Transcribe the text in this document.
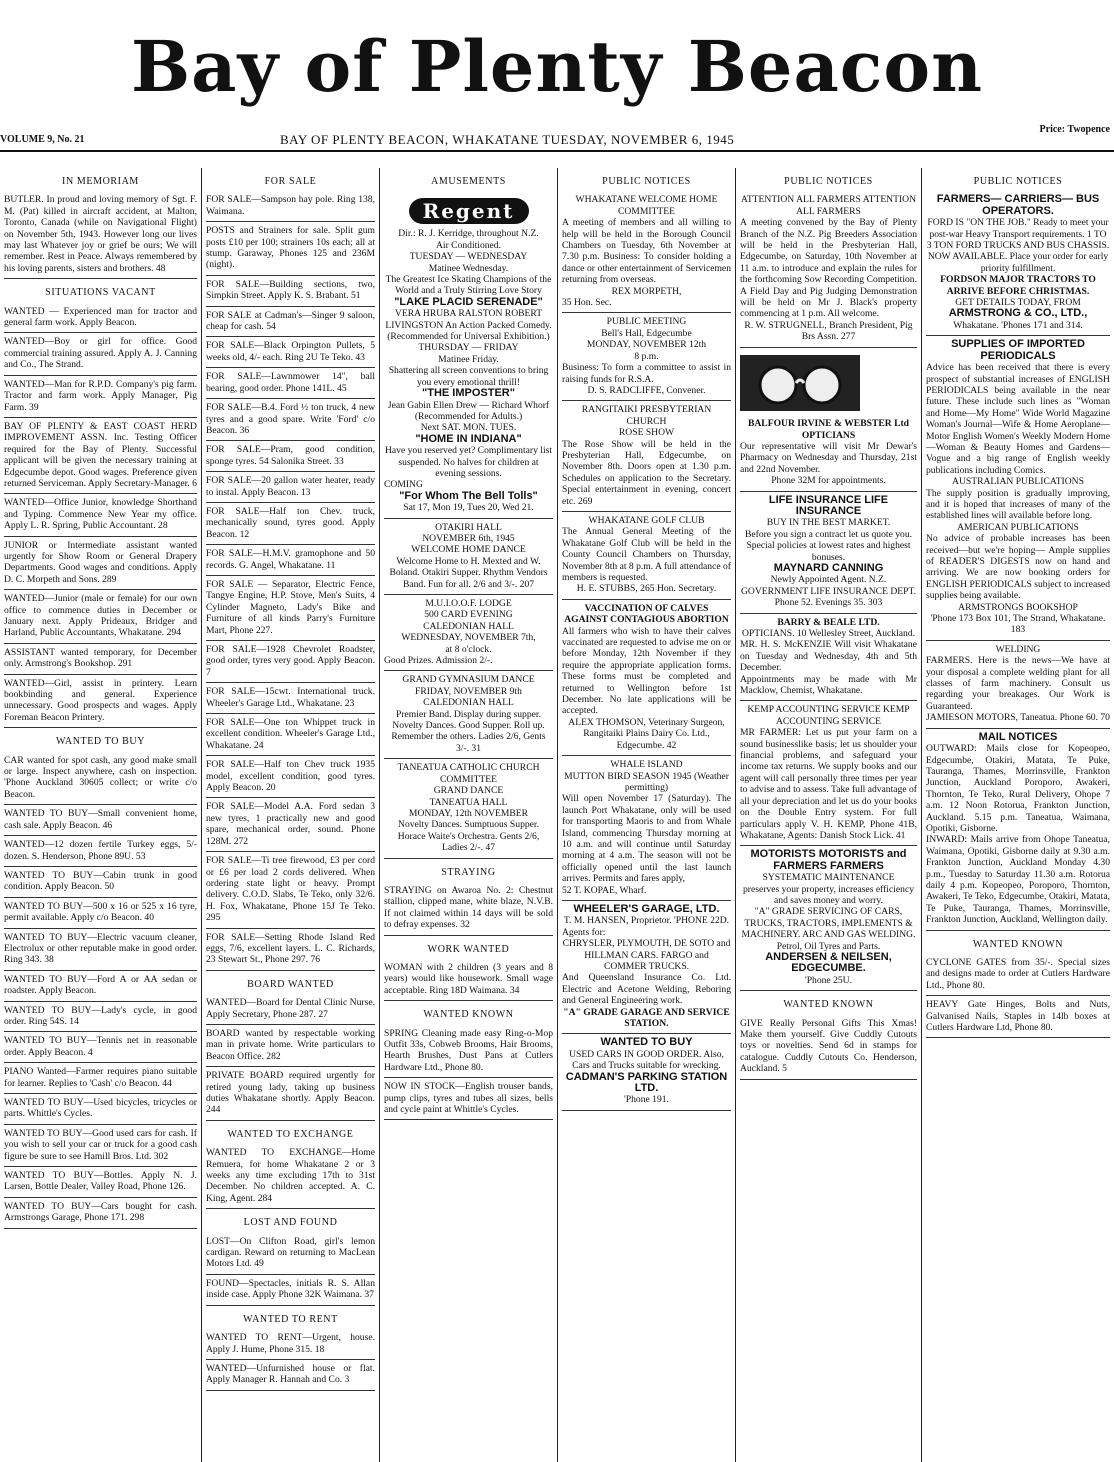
Bay of Plenty Beacon
VOLUME 9, No. 21	BAY OF PLENTY BEACON, WHAKATANE TUESDAY, NOVEMBER 6, 1945
Price: Twopence
IN MEMORIAM
BUTLER. In proud and loving memory of Sgt. F. M. (Pat) killed in aircraft accident, at Malton, Toronto, Canada (while on Navigational Flight) on November 5th, 1943. However long our lives may last Whatever joy or grief be ours; We will remember. Rest in Peace. Always remembered by his loving parents, sisters and brothers. 48
SITUATIONS VACANT
WANTED — Experienced man for tractor and general farm work. Apply Beacon.
WANTED—Boy or girl for office. Good commercial training assured. Apply A. J. Canning and Co., The Strand.
WANTED—Man for R.P.D. Company's pig farm. Tractor and farm work. Apply Manager, Pig Farm. 39
BAY OF PLENTY & EAST COAST HERD IMPROVEMENT ASSN. Inc. Testing Officer required for the Bay of Plenty. Successful applicant will be given the necessary training at Edgecumbe depot. Good wages. Preference given returned Serviceman. Apply Secretary-Manager. 6
WANTED—Office Junior, knowledge Shorthand and Typing. Commence New Year my office. Apply L. R. Spring, Public Accountant. 28
JUNIOR or Intermediate assistant wanted urgently for Show Room or General Drapery Departments. Good wages and conditions. Apply D. C. Morpeth and Sons. 289
WANTED—Junior (male or female) for our own office to commence duties in December or January next. Apply Prideaux, Bridger and Harland, Public Accountants, Whakatane. 294
ASSISTANT wanted temporary, for December only. Armstrong's Bookshop. 291
WANTED—Girl, assist in printery. Learn bookbinding and general. Experience unnecessary. Good prospects and wages. Apply Foreman Beacon Printery.
WANTED TO BUY
CAR wanted for spot cash, any good make small or large. Inspect anywhere, cash on inspection. 'Phone Auckland 30605 collect; or write c/o Beacon.
WANTED TO BUY—Small convenient home, cash sale. Apply Beacon. 46
WANTED—12 dozen fertile Turkey eggs, 5/- dozen. S. Henderson, Phone 89U. 53
WANTED TO BUY—Cabin trunk in good condition. Apply Beacon. 50
WANTED TO BUY—500 x 16 or 525 x 16 tyre, permit available. Apply c/o Beacon. 40
WANTED TO BUY—Electric vacuum cleaner, Electrolux or other reputable make in good order. Ring 343. 38
WANTED TO BUY—Ford A or AA sedan or roadster. Apply Beacon.
WANTED TO BUY—Lady's cycle, in good order. Ring 54S. 14
WANTED TO BUY—Tennis net in reasonable order. Apply Beacon. 4
PIANO Wanted—Farmer requires piano suitable for learner. Replies to 'Cash' c/o Beacon. 44
WANTED TO BUY—Used bicycles, tricycles or parts. Whittle's Cycles.
WANTED TO BUY—Good used cars for cash. If you wish to sell your car or truck for a good cash figure be sure to see Hamill Bros. Ltd. 302
WANTED TO BUY—Bottles. Apply N. J. Larsen, Bottle Dealer, Valley Road, Phone 126.
WANTED TO BUY—Cars bought for cash. Armstrongs Garage, Phone 171. 298
FOR SALE
FOR SALE—Sampson hay pole. Ring 138, Waimana.
POSTS and Strainers for sale. Split gum posts £10 per 100; strainers 10s each; all at stump. Garaway, Phones 125 and 236M (night).
FOR SALE—Building sections, two, Simpkin Street. Apply K. S. Brabant. 51
FOR SALE at Cadman's—Singer 9 saloon, cheap for cash. 54
FOR SALE—Black Orpington Pullets, 5 weeks old, 4/- each. Ring 2U Te Teko. 43
FOR SALE—Lawnmower 14", ball bearing, good order. Phone 141L. 45
FOR SALE—B.4. Ford ½ ton truck, 4 new tyres and a good spare. Write 'Ford' c/o Beacon. 36
FOR SALE—Pram, good condition, sponge tyres. 54 Salonika Street. 33
FOR SALE—20 gallon water heater, ready to instal. Apply Beacon. 13
FOR SALE—Half ton Chev. truck, mechanically sound, tyres good. Apply Beacon. 12
FOR SALE—H.M.V. gramophone and 50 records. G. Angel, Whakatane. 11
FOR SALE — Separator, Electric Fence, Tangye Engine, H.P. Stove, Men's Suits, 4 Cylinder Magneto, Lady's Bike and Furniture of all kinds Parry's Furniture Mart, Phone 227.
FOR SALE—1928 Chevrolet Roadster, good order, tyres very good. Apply Beacon. 7
FOR SALE—15cwt. International truck. Wheeler's Garage Ltd., Whakatane. 23
FOR SALE—One ton Whippet truck in excellent condition. Wheeler's Garage Ltd., Whakatane. 24
FOR SALE—Half ton Chev truck 1935 model, excellent condition, good tyres. Apply Beacon. 20
FOR SALE—Model A.A. Ford sedan 3 new tyres, 1 practically new and good spare, mechanical order, sound. Phone 128M. 272
FOR SALE—Ti tree firewood, £3 per cord or £6 per load 2 cords delivered. When ordering state light or heavy. Prompt delivery. C.O.D. Slabs, Te Teko, only 32/6. H. Fox, Whakatane, Phone 15J Te Teko. 295
FOR SALE—Setting Rhode Island Red eggs, 7/6, excellent layers. L. C. Richards, 23 Stewart St., Phone 297. 76
BOARD WANTED
WANTED—Board for Dental Clinic Nurse. Apply Secretary, Phone 287. 27
BOARD wanted by respectable working man in private home. Write particulars to Beacon Office. 282
PRIVATE BOARD required urgently for retired young lady, taking up business duties Whakatane shortly. Apply Beacon. 244
WANTED TO EXCHANGE
WANTED TO EXCHANGE—Home Remuera, for home Whakatane 2 or 3 weeks any time excluding 17th to 31st December. No children accepted. A. C. King, Agent. 284
LOST AND FOUND
LOST—On Clifton Road, girl's lemon cardigan. Reward on returning to MacLean Motors Ltd. 49
FOUND—Spectacles, initials R. S. Allan inside case. Apply Phone 32K Waimana. 37
WANTED TO RENT
WANTED TO RENT—Urgent, house. Apply J. Hume, Phone 315. 18
WANTED—Unfurnished house or flat. Apply Manager R. Hannah and Co. 3
AMUSEMENTS
Regent

Dir.: R. J. Kerridge, throughout N.Z.

Air Conditioned.

TUESDAY — WEDNESDAY

Matinee Wednesday.

The Greatest Ice Skating Champions of the World and a Truly Stirring Love Story

"LAKE PLACID SERENADE"

VERA HRUBA RALSTON ROBERT LIVINGSTON An Action Packed Comedy. (Recommended for Universal Exhibition.)

THURSDAY — FRIDAY

Matinee Friday.

Shattering all screen conventions to bring you every emotional thrill!

"THE IMPOSTER"

Jean Gabin Ellen Drew — Richard Whorf (Recommended for Adults.)

Next SAT. MON. TUES.

"HOME IN INDIANA"

Have you reserved yet? Complimentary list suspended. No halves for children at evening sessions.

COMING

"For Whom The Bell Tolls"

Sat 17, Mon 19, Tues 20, Wed 21.

OTAKIRI HALL

NOVEMBER 6th, 1945

WELCOME HOME DANCE

Welcome Home to H. Mexted and W. Boland. Otakiri Supper. Rhythm Vendors Band. Fun for all. 2/6 and 3/-. 207

M.U.I.O.O.F. LODGE

500 CARD EVENING

CALEDONIAN HALL

WEDNESDAY, NOVEMBER 7th,

at 8 o'clock.

Good Prizes. Admission 2/-.

GRAND GYMNASIUM DANCE

FRIDAY, NOVEMBER 9th

CALEDONIAN HALL

Premier Band. Display during supper. Novelty Dances. Good Supper. Roll up. Remember the others. Ladies 2/6, Gents 3/-. 31

TANEATUA CATHOLIC CHURCH COMMITTEE

GRAND DANCE

TANEATUA HALL

MONDAY, 12th NOVEMBER

Novelty Dances. Sumptuous Supper. Horace Waite's Orchestra. Gents 2/6, Ladies 2/-. 47

STRAYING
STRAYING on Awaroa No. 2: Chestnut stallion, clipped mane, white blaze, N.V.B. If not claimed within 14 days will be sold to defray expenses. 32
WORK WANTED
WOMAN with 2 children (3 years and 8 years) would like housework. Small wage acceptable. Ring 18D Waimana. 34
WANTED KNOWN
SPRING Cleaning made easy Ring-o-Mop Outfit 33s, Cobweb Brooms, Hair Brooms, Hearth Brushes, Dust Pans at Cutlers Hardware Ltd., Phone 80.
NOW IN STOCK—English trouser bands, pump clips, tyres and tubes all sizes, bells and cycle paint at Whittle's Cycles.
PUBLIC NOTICES

WHAKATANE WELCOME HOME COMMITTEE

A meeting of members and all willing to help will be held in the Borough Council Chambers on Tuesday, 6th November at 7.30 p.m. Business: To consider holding a dance or other entertainment of Servicemen returning from overseas.

REX MORPETH,

35 Hon. Sec.

PUBLIC MEETING

Bell's Hall, Edgecumbe

MONDAY, NOVEMBER 12th

8 p.m.

Business: To form a committee to assist in raising funds for R.S.A.

D. S. RADCLIFFE, Convener.

RANGITAIKI PRESBYTERIAN CHURCH

ROSE SHOW

The Rose Show will be held in the Presbyterian Hall, Edgecumbe, on November 8th. Doors open at 1.30 p.m. Schedules on application to the Secretary. Special entertainment in evening, concert etc. 269

WHAKATANE GOLF CLUB

The Annual General Meeting of the Whakatane Golf Club will be held in the County Council Chambers on Thursday, November 8th at 8 p.m. A full attendance of members is requested.

H. E. STUBBS, 265 Hon. Secretary.

VACCINATION OF CALVES AGAINST CONTAGIOUS ABORTION

All farmers who wish to have their calves vaccinated are requested to advise me on or before Monday, 12th November if they require the appropriate application forms. These forms must be completed and returned to Wellington before 1st December. No late applications will be accepted.

ALEX THOMSON, Veterinary Surgeon, Rangitaiki Plains Dairy Co. Ltd., Edgecumbe. 42

WHALE ISLAND

MUTTON BIRD SEASON 1945 (Weather permitting)

Will open November 17 (Saturday). The launch Port Whakatane, only will be used for transporting Maoris to and from Whale Island, commencing Thursday morning at 10 a.m. and will continue until Saturday morning at 4 a.m. The season will not be officially opened until the last launch arrives. Permits and fares apply,

52 T. KOPAE, Wharf.

WHEELER'S GARAGE, LTD.

T. M. HANSEN, Proprietor. 'PHONE 22D.

Agents for:

CHRYSLER, PLYMOUTH, DE SOTO and HILLMAN CARS. FARGO and COMMER TRUCKS.

And Queensland Insurance Co. Ltd. Electric and Acetone Welding, Reboring and General Engineering work.

"A" GRADE GARAGE AND SERVICE STATION.

WANTED TO BUY

USED CARS IN GOOD ORDER. Also, Cars and Trucks suitable for wrecking.

CADMAN'S PARKING STATION LTD.

'Phone 191.

PUBLIC NOTICES

ATTENTION ALL FARMERS ATTENTION ALL FARMERS

A meeting convened by the Bay of Plenty Branch of the N.Z. Pig Breeders Association will be held in the Presbyterian Hall, Edgecumbe, on Saturday, 10th November at 11 a.m. to introduce and explain the rules for the forthcoming Sow Recording Competition. A Field Day and Pig Judging Demonstration will be held on Mr J. Black's property commencing at 1 p.m. All welcome.

R. W. STRUGNELL, Branch President, Pig Brs Assn. 277

BALFOUR IRVINE & WEBSTER Ltd OPTICIANS

Our representative will visit Mr Dewar's Pharmacy on Wednesday and Thursday, 21st and 22nd November.

Phone 32M for appointments.

LIFE INSURANCE LIFE INSURANCE

BUY IN THE BEST MARKET.

Before you sign a contract let us quote you. Special policies at lowest rates and highest bonuses.

MAYNARD CANNING

Newly Appointed Agent. N.Z. GOVERNMENT LIFE INSURANCE DEPT. Phone 52. Evenings 35. 303

BARRY & BEALE LTD.

OPTICIANS. 10 Wellesley Street, Auckland.

MR. H. S. McKENZIE Will visit Whakatane on Tuesday and Wednesday, 4th and 5th December.

Appointments may be made with Mr Macklow, Chemist, Whakatane.

KEMP ACCOUNTING SERVICE KEMP ACCOUNTING SERVICE

MR FARMER: Let us put your farm on a sound businesslike basis; let us shoulder your financial problems, and safeguard your income tax returns. We supply books and our agent will call personally three times per year to advise and to assess. Take full advantage of all your depreciation and let us do your books on the Double Entry system. For full particulars apply V. H. KEMP, Phone 41B, Whakatane, Agents: Danish Stock Lick. 41

MOTORISTS MOTORISTS and FARMERS FARMERS

SYSTEMATIC MAINTENANCE

preserves your property, increases efficiency and saves money and worry.

"A" GRADE SERVICING OF CARS, TRUCKS, TRACTORS, IMPLEMENTS & MACHINERY. ARC AND GAS WELDING. Petrol, Oil Tyres and Parts.

ANDERSEN & NEILSEN, EDGECUMBE.

'Phone 25U.

WANTED KNOWN
GIVE Really Personal Gifts This Xmas! Make them yourself. Give Cuddly Cutouts toys or novelties. Send 6d in stamps for catalogue. Cuddly Cutouts Co. Henderson, Auckland. 5
PUBLIC NOTICES

FARMERS— CARRIERS— BUS OPERATORS.

FORD IS "ON THE JOB." Ready to meet your post-war Heavy Transport requirements. 1 TO 3 TON FORD TRUCKS AND BUS CHASSIS. NOW AVAILABLE. Place your order for early priority fulfillment.

FORDSON MAJOR TRACTORS TO ARRIVE BEFORE CHRISTMAS.

GET DETAILS TODAY, FROM

ARMSTRONG & CO., LTD.,

Whakatane. 'Phones 171 and 314.

SUPPLIES OF IMPORTED PERIODICALS

Advice has been received that there is every prospect of substantial increases of ENGLISH PERIODICALS being available in the near future. These include such lines as "Woman and Home—My Home" Wide World Magazine Woman's Journal—Wife & Home Aeroplane—Motor English Women's Weekly Modern Home—Woman & Beauty Homes and Gardens—Vogue and a big range of English weekly publications including Comics.

AUSTRALIAN PUBLICATIONS

The supply position is gradually improving, and it is hoped that increases of many of the established lines will available before long.

AMERICAN PUBLICATIONS

No advice of probable increases has been received—but we're hoping— Ample supplies of READER'S DIGESTS now on hand and arriving. We are now booking orders for ENGLISH PERIODICALS subject to increased supplies being available.

ARMSTRONGS BOOKSHOP

'Phone 173 Box 101, The Strand, Whakatane. 183

WELDING

FARMERS. Here is the news—We have at your disposal a complete welding plant for all classes of farm machinery. Consult us regarding your breakages. Our Work is Guaranteed.

JAMIESON MOTORS, Taneatua. Phone 60. 70

MAIL NOTICES

OUTWARD: Mails close for Kopeopeo, Edgecumbe, Otakiri, Matata, Te Puke, Tauranga, Thames, Morrinsville, Frankton Junction, Auckland Poroporo, Awakeri, Thornton, Te Teko, Rural Delivery, Ohope 7 a.m. 12 Noon Rotorua, Frankton Junction, Auckland. 5.15 p.m. Taneatua, Waimana, Opotiki, Gisborne.

INWARD: Mails arrive from Ohope Taneatua, Waimana, Opotiki, Gisborne daily at 9.30 a.m. Frankton Junction, Auckland Monday 4.30 p.m., Tuesday to Saturday 11.30 a.m. Rotorua daily 4 p.m. Kopeopeo, Poroporo, Thornton, Awakeri, Te Teko, Edgecumbe, Otakiri, Matata, Te Puke, Tauranga, Thames, Morrinsville, Frankton Junction, Auckland, Wellington daily.

WANTED KNOWN
CYCLONE GATES from 35/-. Special sizes and designs made to order at Cutlers Hardware Ltd., Phone 80.
HEAVY Gate Hinges, Bolts and Nuts, Galvanised Nails, Staples in 14lb boxes at Cutlers Hardware Ltd, Phone 80.
